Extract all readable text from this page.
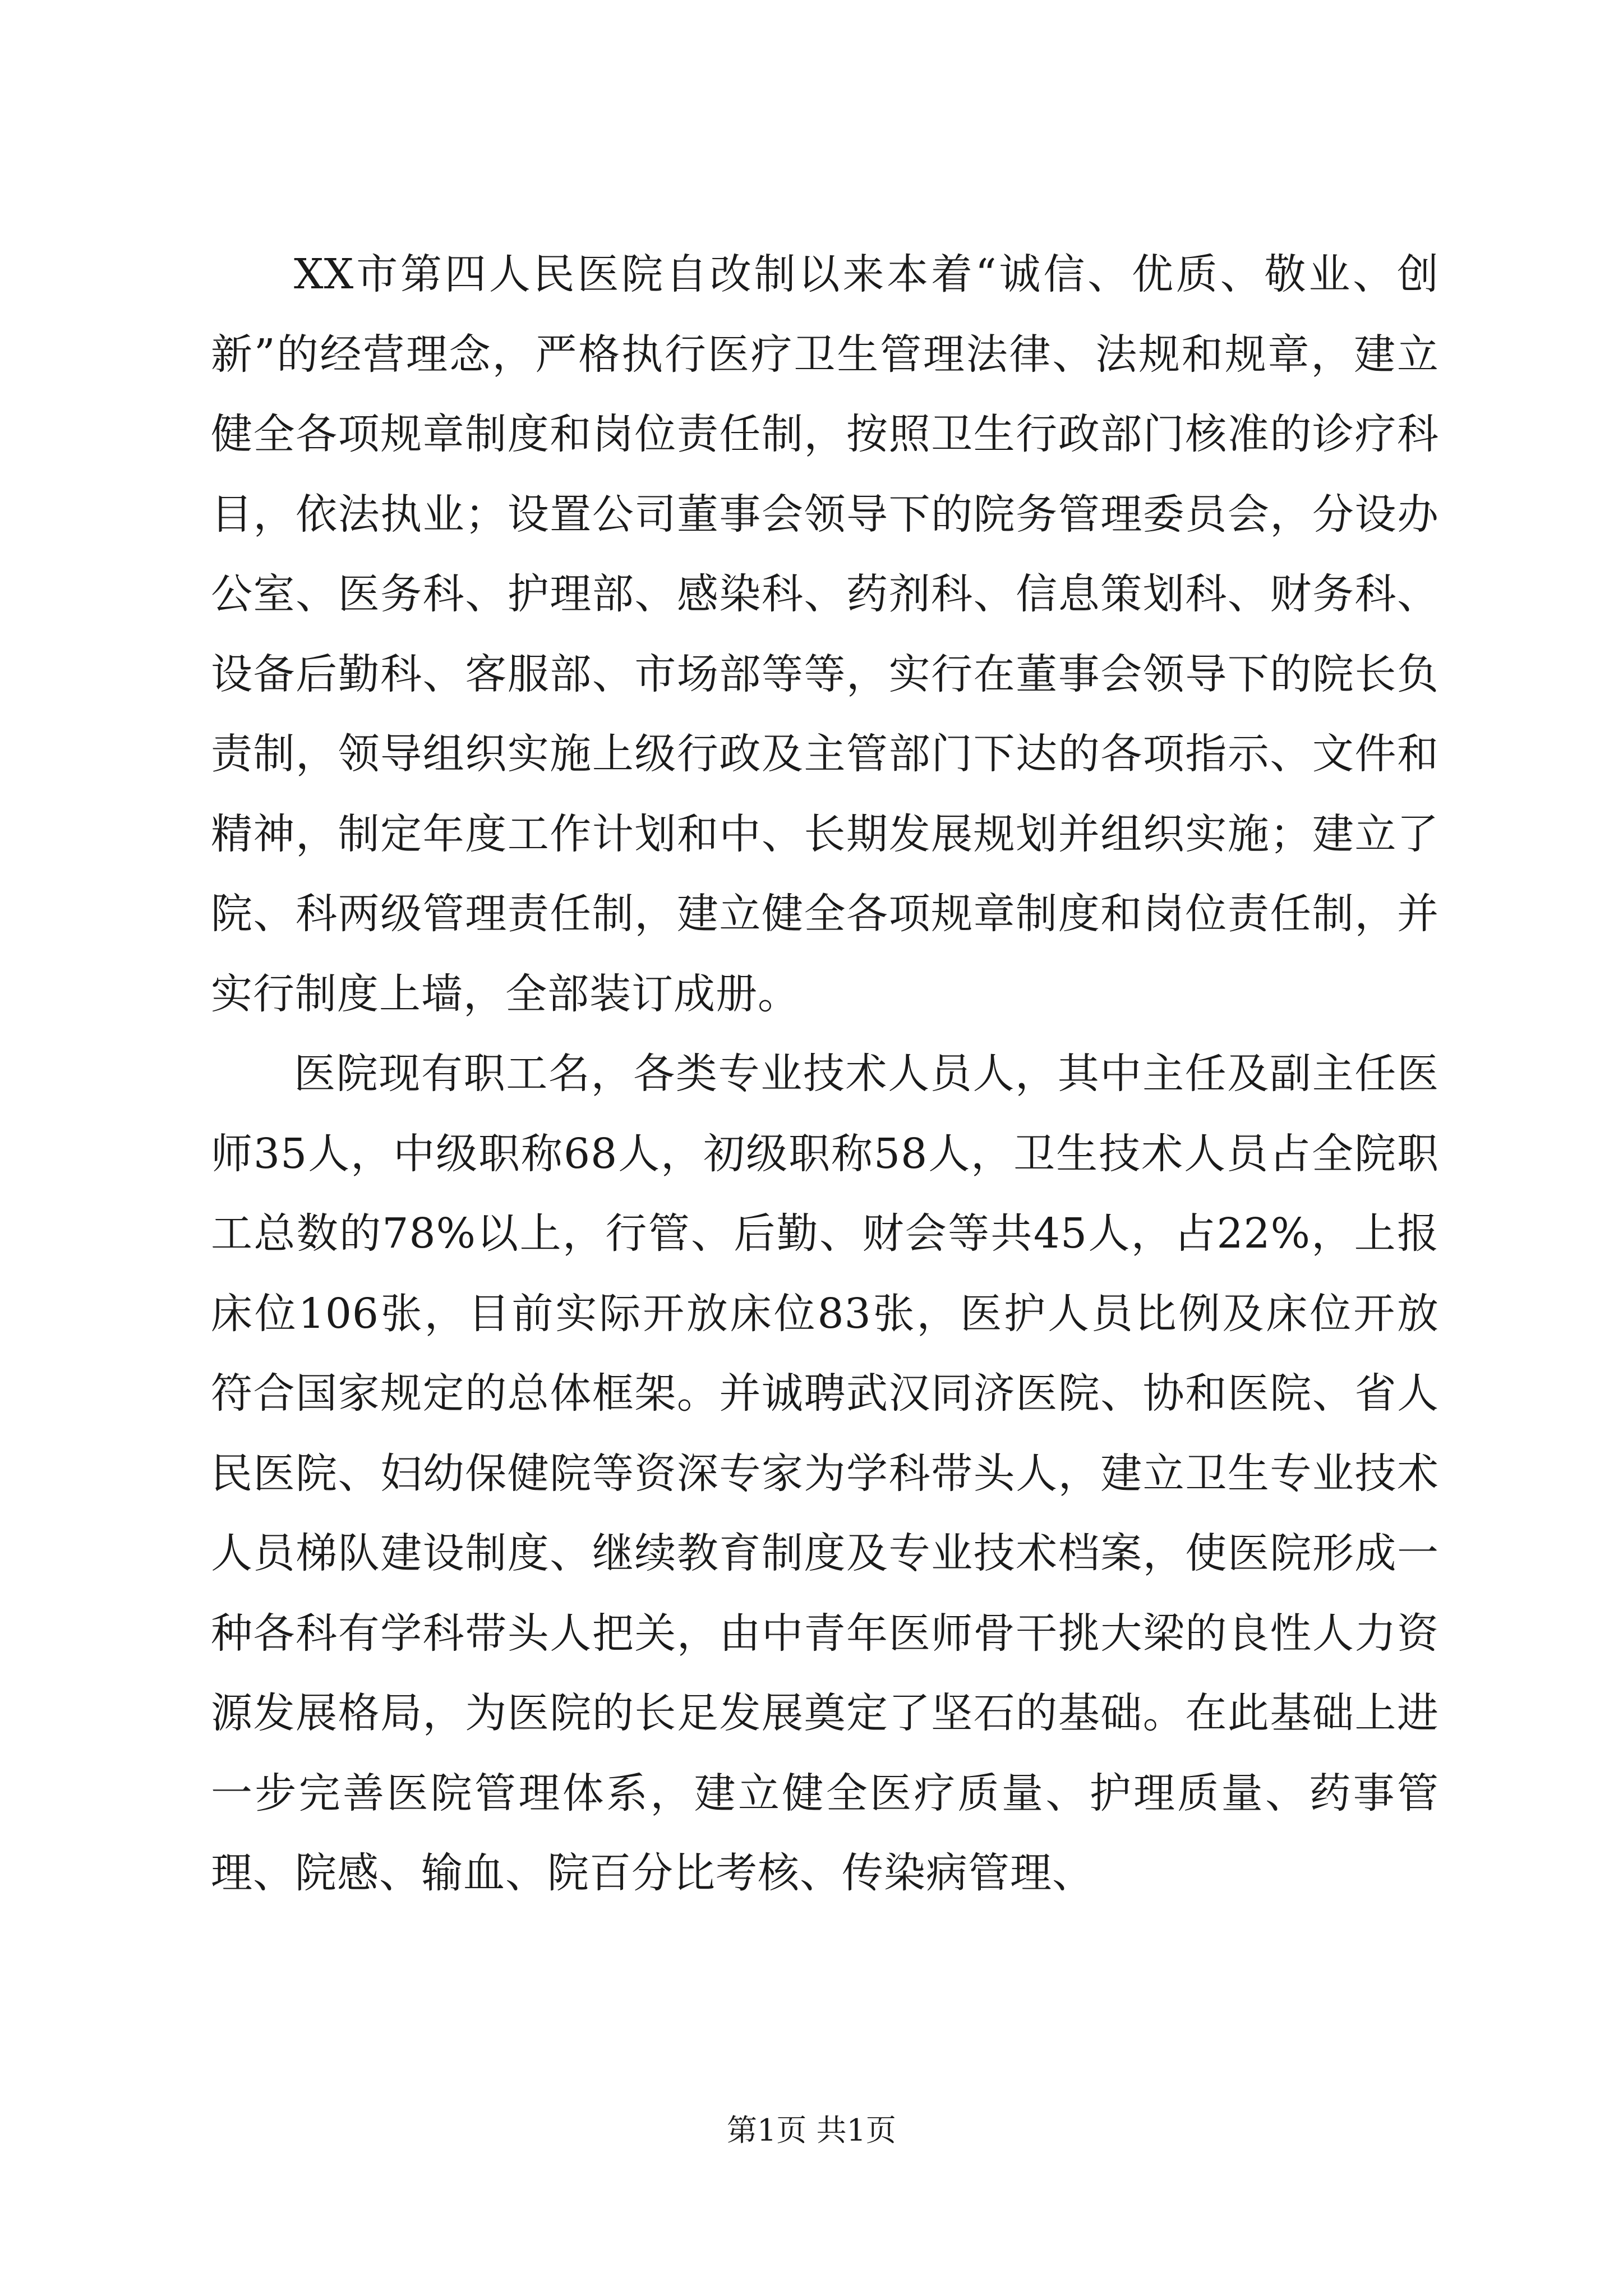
XX市第四人民医院自改制以来本着“诚信、优质、敬业、创新”的经营理念，严格执行医疗卫生管理法律、法规和规章，建立健全各项规章制度和岗位责任制，按照卫生行政部门核准的诊疗科目，依法执业；设置公司董事会领导下的院务管理委员会，分设办公室、医务科、护理部、感染科、药剂科、信息策划科、财务科、设备后勤科、客服部、市场部等等，实行在董事会领导下的院长负责制，领导组织实施上级行政及主管部门下达的各项指示、文件和精神，制定年度工作计划和中、长期发展规划并组织实施；建立了院、科两级管理责任制，建立健全各项规章制度和岗位责任制，并实行制度上墙，全部装订成册。

医院现有职工名，各类专业技术人员人，其中主任及副主任医师35人，中级职称68人，初级职称58人，卫生技术人员占全院职工总数的78%以上，行管、后勤、财会等共45人，占22%，上报床位106张，目前实际开放床位83张，医护人员比例及床位开放符合国家规定的总体框架。并诚聘武汉同济医院、协和医院、省人民医院、妇幼保健院等资深专家为学科带头人，建立卫生专业技术人员梯队建设制度、继续教育制度及专业技术档案，使医院形成一种各科有学科带头人把关，由中青年医师骨干挑大梁的良性人力资源发展格局，为医院的长足发展奠定了坚石的基础。在此基础上进一步完善医院管理体系，建立健全医疗质量、护理质量、药事管理、院感、输血、院百分比考核、传染病管理、

第1页 共1页
